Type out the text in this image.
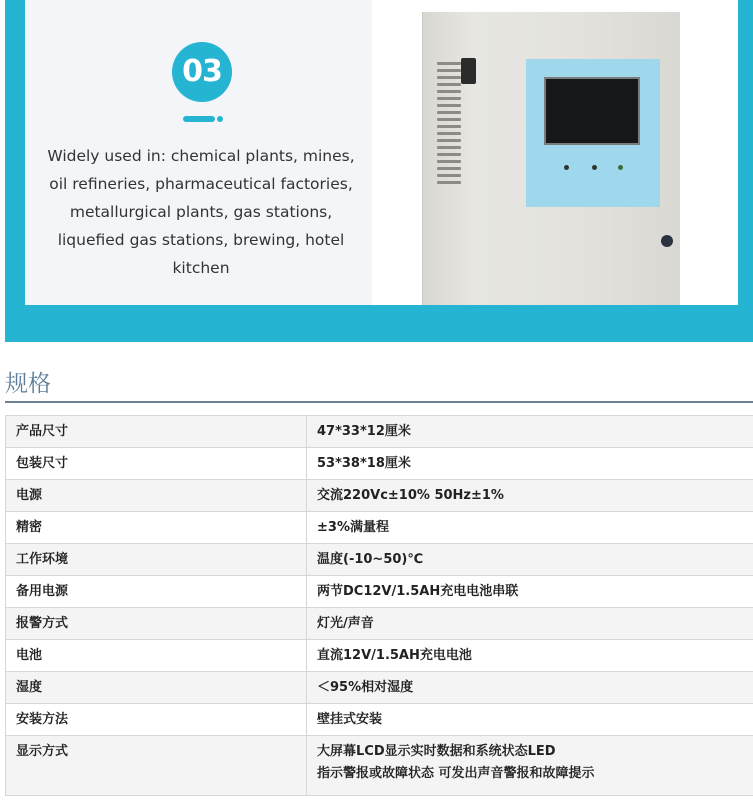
03
Widely used in: chemical plants, mines,
oil refineries, pharmaceutical factories,
metallurgical plants, gas stations,
liquefied gas stations, brewing, hotel
kitchen
规格
产品尺寸	47*33*12厘米
包装尺寸	53*38*18厘米
电源	交流220Vc±10% 50Hz±1%
精密	±3%满量程
工作环境	温度(-10~50)℃
备用电源	两节DC12V/1.5AH充电电池串联
报警方式	灯光/声音
电池	直流12V/1.5AH充电电池
湿度	＜95%相对湿度
安装方法	壁挂式安装
显示方式	大屏幕LCD显示实时数据和系统状态LED
指示警报或故障状态 可发出声音警报和故障提示
